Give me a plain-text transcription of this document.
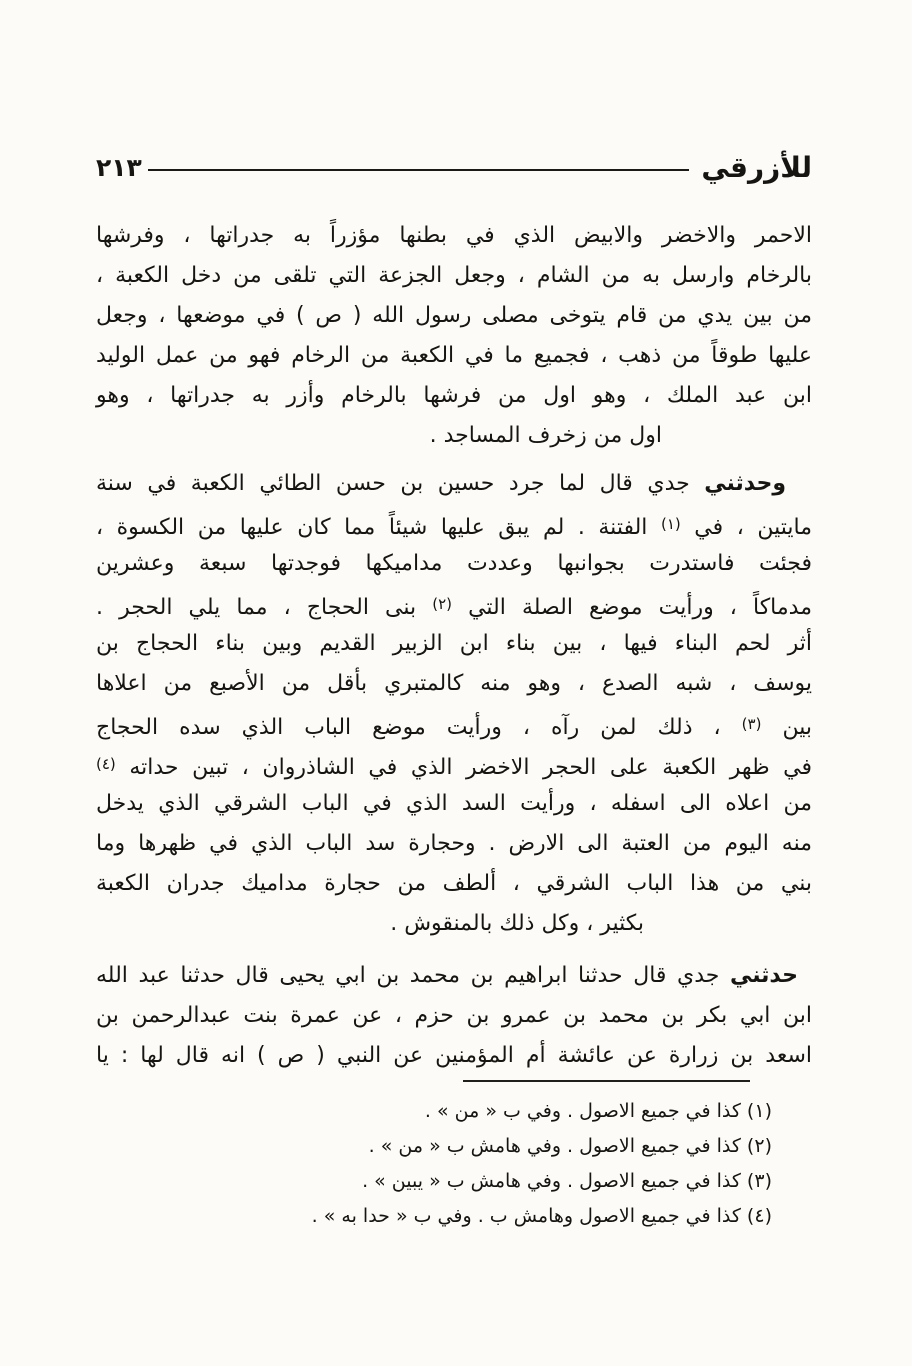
٢١٣	للأزرقي
الاحمر والاخضر والابيض الذي في بطنها مؤزراً به جدراتها ، وفرشها
بالرخام وارسل به من الشام ، وجعل الجزعة التي تلقى من دخل الكعبة ،
من بين يدي من قام يتوخى مصلى رسول الله ( ص ) في موضعها ، وجعل
عليها طوقاً من ذهب ، فجميع ما في الكعبة من الرخام فهو من عمل الوليد
ابن عبد الملك ، وهو اول من فرشها بالرخام وأزر به جدراتها ، وهو
اول من زخرف المساجد .
وحدثني جدي قال لما جرد حسين بن حسن الطائي الكعبة في سنة
مايتين ، في $^{(١)}$ الفتنة . لم يبق عليها شيئاً مما كان عليها من الكسوة ،
فجئت فاستدرت بجوانبها وعددت مداميكها فوجدتها سبعة وعشرين
مدماكاً ، ورأيت موضع الصلة التي $^{(٢)}$ بنى الحجاج ، مما يلي الحجر .
أثر لحم البناء فيها ، بين بناء ابن الزبير القديم وبين بناء الحجاج بن
يوسف ، شبه الصدع ، وهو منه كالمتبري بأقل من الأصبع من اعلاها
بين $^{(٣)}$ ، ذلك لمن رآه ، ورأيت موضع الباب الذي سده الحجاج
في ظهر الكعبة على الحجر الاخضر الذي في الشاذروان ، تبين حداته $^{(٤)}$
من اعلاه الى اسفله ، ورأيت السد الذي في الباب الشرقي الذي يدخل
منه اليوم من العتبة الى الارض . وحجارة سد الباب الذي في ظهرها وما
بني من هذا الباب الشرقي ، ألطف من حجارة مداميك جدران الكعبة
بكثير ، وكل ذلك بالمنقوش .
حدثني جدي قال حدثنا ابراهيم بن محمد بن ابي يحيى قال حدثنا عبد الله
ابن ابي بكر بن محمد بن عمرو بن حزم ، عن عمرة بنت عبدالرحمن بن
اسعد بن زرارة عن عائشة أم المؤمنين عن النبي ( ص ) انه قال لها : يا
(١) كذا في جميع الاصول . وفي ب « من » .
(٢) كذا في جميع الاصول . وفي هامش ب « من » .
(٣) كذا في جميع الاصول . وفي هامش ب « يبين » .
(٤) كذا في جميع الاصول وهامش ب . وفي ب « حدا به » .
